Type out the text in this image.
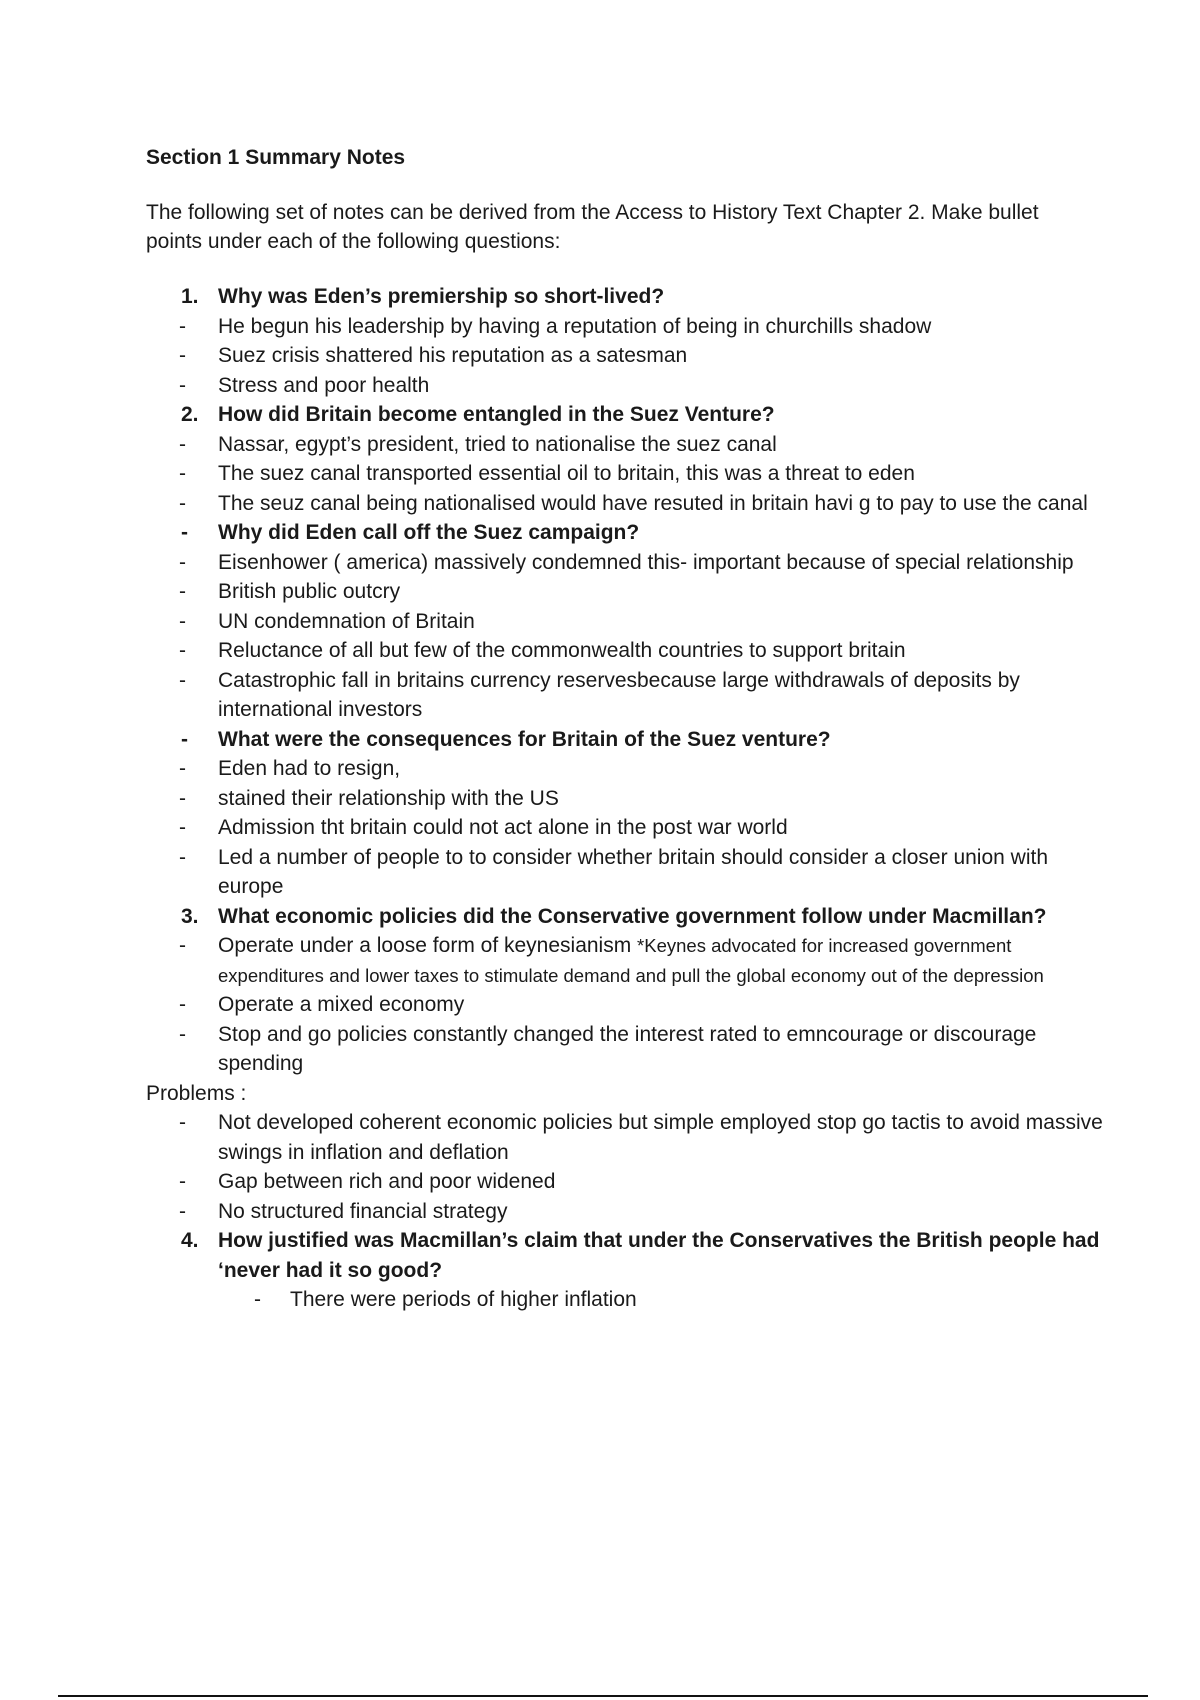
Section 1 Summary Notes

The following set of notes can be derived from the Access to History Text Chapter 2. Make bullet points under each of the following questions:

1. Why was Eden’s premiership so short-lived?
-	He begun his leadership by having a reputation of being in churchills shadow
-	Suez crisis shattered his reputation as a satesman
-	Stress and poor health
2. How did Britain become entangled in the Suez Venture?
-	Nassar, egypt’s president, tried to nationalise the suez canal
-	The suez canal transported essential oil to britain, this was a threat to eden
-	The seuz canal being nationalised would have resuted in britain havi g to pay to use the canal
-	Why did Eden call off the Suez campaign?
-	Eisenhower ( america) massively condemned this- important because of special relationship
-	British public outcry
-	UN condemnation of Britain
-	Reluctance of all but few of the commonwealth countries to support britain
-	Catastrophic fall in britains currency reservesbecause large withdrawals of deposits by international investors
-	What were the consequences for Britain of the Suez venture?
-	Eden had to resign,
-	stained their relationship with the US
-	Admission tht britain could not act alone in the post war world
-	Led a number of people to to consider whether britain should consider a closer union with europe
3. What economic policies did the Conservative government follow under Macmillan?
-	Operate under a loose form of keynesianism *Keynes advocated for increased government expenditures and lower taxes to stimulate demand and pull the global economy out of the depression
-	Operate a mixed economy
-	Stop and go policies constantly changed the interest rated to emncourage or discourage spending
Problems :
-	Not developed coherent economic policies but simple employed stop go tactis to avoid massive swings in inflation and deflation
-	Gap between rich and poor widened
-	No structured financial strategy
4. How justified was Macmillan’s claim that under the Conservatives the British people had ‘never had it so good?
-	There were periods of higher inflation
